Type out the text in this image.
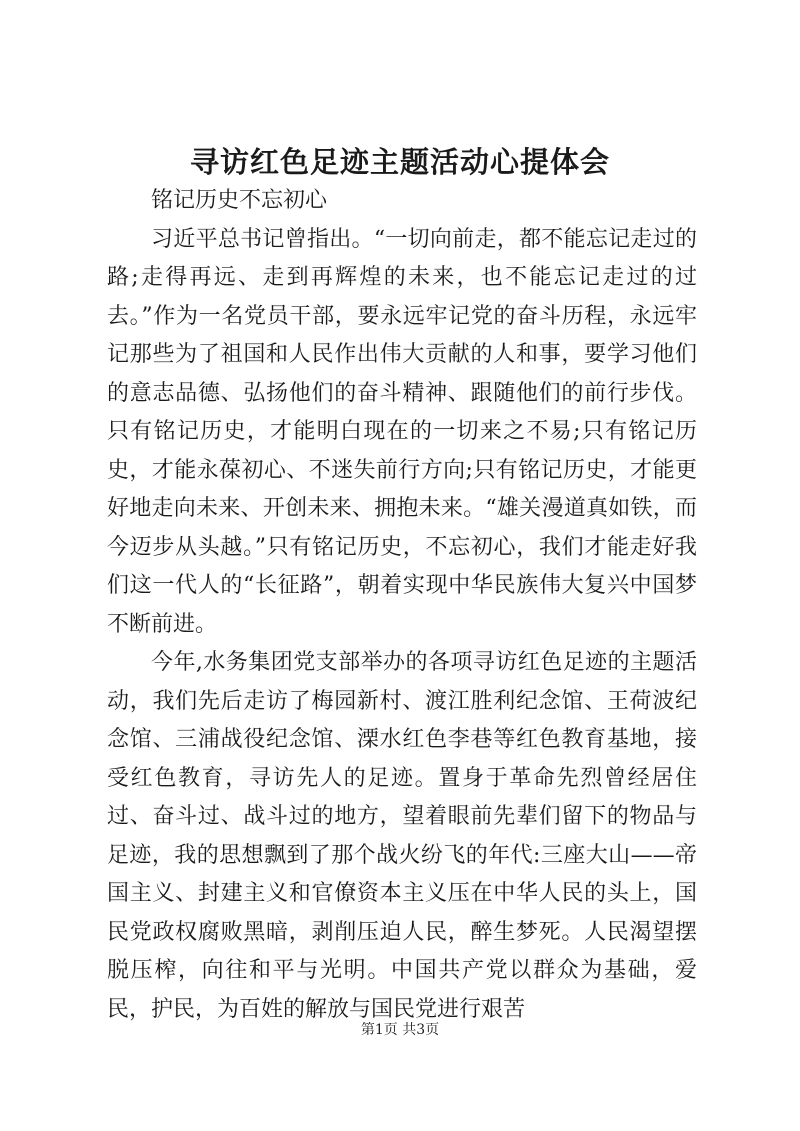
寻访红色足迹主题活动心提体会

铭记历史不忘初心

习近平总书记曾指出。“一切向前走，都不能忘记走过的路;走得再远、走到再辉煌的未来，也不能忘记走过的过去。”作为一名党员干部，要永远牢记党的奋斗历程，永远牢记那些为了祖国和人民作出伟大贡献的人和事，要学习他们的意志品德、弘扬他们的奋斗精神、跟随他们的前行步伐。只有铭记历史，才能明白现在的一切来之不易;只有铭记历史，才能永葆初心、不迷失前行方向;只有铭记历史，才能更好地走向未来、开创未来、拥抱未来。“雄关漫道真如铁，而今迈步从头越。”只有铭记历史，不忘初心，我们才能走好我们这一代人的“长征路”，朝着实现中华民族伟大复兴中国梦不断前进。

今年,水务集团党支部举办的各项寻访红色足迹的主题活动，我们先后走访了梅园新村、渡江胜利纪念馆、王荷波纪念馆、三浦战役纪念馆、溧水红色李巷等红色教育基地，接受红色教育，寻访先人的足迹。置身于革命先烈曾经居住过、奋斗过、战斗过的地方，望着眼前先辈们留下的物品与足迹，我的思想飘到了那个战火纷飞的年代:三座大山——帝国主义、封建主义和官僚资本主义压在中华人民的头上，国民党政权腐败黑暗，剥削压迫人民，醉生梦死。人民渴望摆脱压榨，向往和平与光明。中国共产党以群众为基础，爱民，护民，为百姓的解放与国民党进行艰苦

第1页 共3页
